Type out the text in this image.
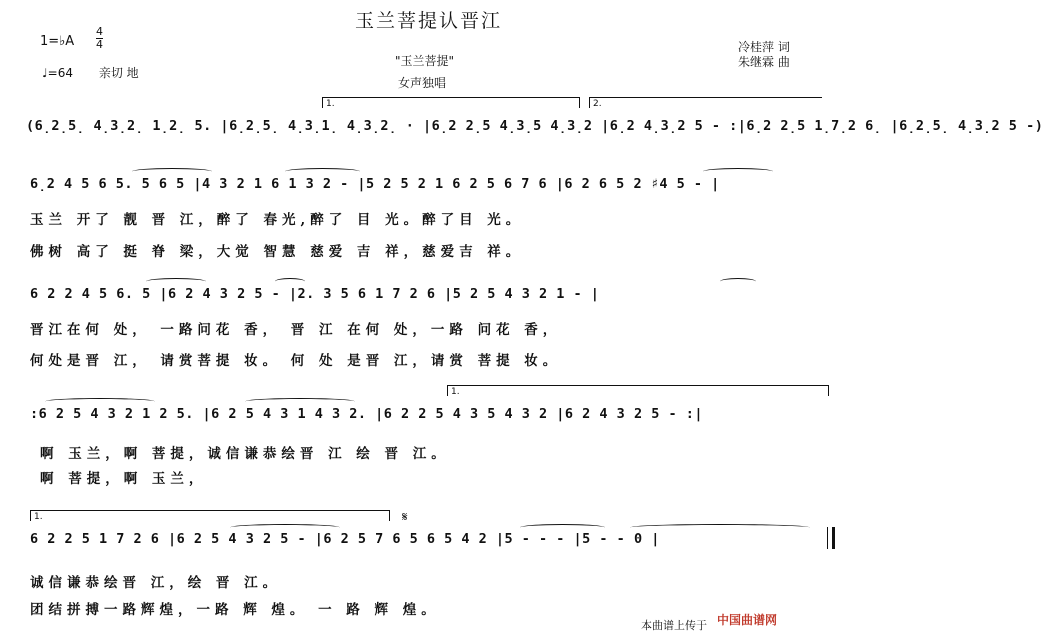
玉兰菩提认晋江
1=♭A $\frac{4}{4}$
♩=64 亲切 地
"玉兰菩提"
女声独唱
冷桂萍 词
朱继霖 曲
1.	2.
(6̣2̣5̣ 4̣3̣2̣ 1̣2̣ 5. |6̣2̣5̣ 4̣3̣1̣ 4̣3̣2̣ · |6̣2 2̣5 4̣3̣5 4̣3̣2 |6̣2 4̣3̣2 5 - :|6̣2 2̣5 1̣7̣2 6̣ |6̣2̣5̣ 4̣3̣2 5 -)
6̣2 4 5 6 5. 5 6 5 |4 3 2 1 6 1 3 2 - |5 2 5 2 1 6 2 5 6 7 6 |6 2 6 5 2 ♯4 5 - |
玉兰 开了 靓 晋 江，醉了 春光,醉了 目 光。醉了目 光。
佛树 高了 挺 脊 梁，大觉 智慧 慈爱 吉 祥，慈爱吉 祥。
6 2 2 4 5 6. 5 |6 2 4 3 2 5 - |2. 3 5 6 1 7 2 6 |5 2 5 4 3 2 1 - |
晋江在何 处， 一路问花 香， 晋 江 在何 处，一路 问花 香，
何处是晋 江， 请赏菩提 妆。 何 处 是晋 江，请赏 菩提 妆。
1.
:6 2 5 4 3 2 1 2 5. |6 2 5 4 3 1 4 3 2. |6 2 2 5 4 3 5 4 3 2 |6 2 4 3 2 5 - :|
啊 玉兰，啊 菩提，诚信谦恭绘晋 江 绘 晋 江。
啊 菩提，啊 玉兰，
1.	𝄋
6 2 2 5 1 7 2 6 |6 2 5 4 3 2 5 - |6 2 5 7 6 5 6 5 4 2 |5 - - - |5 - - 0 |
诚信谦恭绘晋 江，绘 晋 江。
团结拼搏一路辉煌，一路 辉 煌。 一 路 辉 煌。
本曲谱上传于 中国曲谱网
